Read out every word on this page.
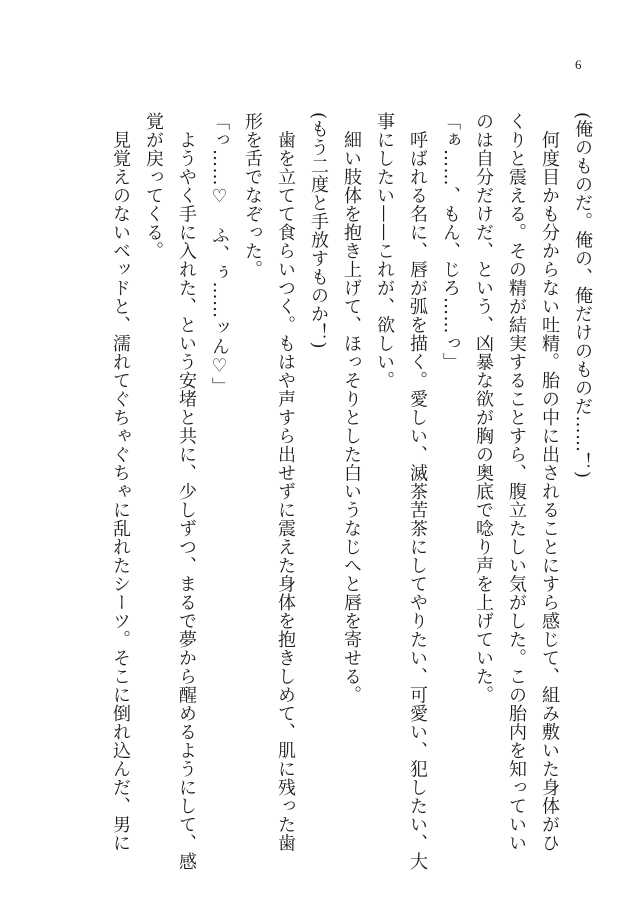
6

(俺のものだ。俺の、俺だけのものだ……！)

　何度目かも分からない吐精。胎の中に出されることにすら感じて、組み敷いた身体がひ

くりと震える。その精が結実することすら、腹立たしい気がした。この胎内を知っていい

のは自分だけだ、という、凶暴な欲が胸の奥底で唸り声を上げていた。

「ぁ……、もん、じろ……っ」

　呼ばれる名に、唇が弧を描く。愛しい、滅茶苦茶にしてやりたい、可愛い、犯したい、大

事にしたい——これが、欲しい。

　細い肢体を抱き上げて、ほっそりとした白いうなじへと唇を寄せる。

(もう二度と手放すものか！)

　歯を立てて食らいつく。もはや声すら出せずに震えた身体を抱きしめて、肌に残った歯

形を舌でなぞった。

「っ……♡　ふ、ぅ……ッん♡」

　ようやく手に入れた、という安堵と共に、少しずつ、まるで夢から醒めるようにして、感

覚が戻ってくる。

　見覚えのないベッドと、濡れてぐちゃぐちゃに乱れたシーツ。そこに倒れ込んだ、男に
